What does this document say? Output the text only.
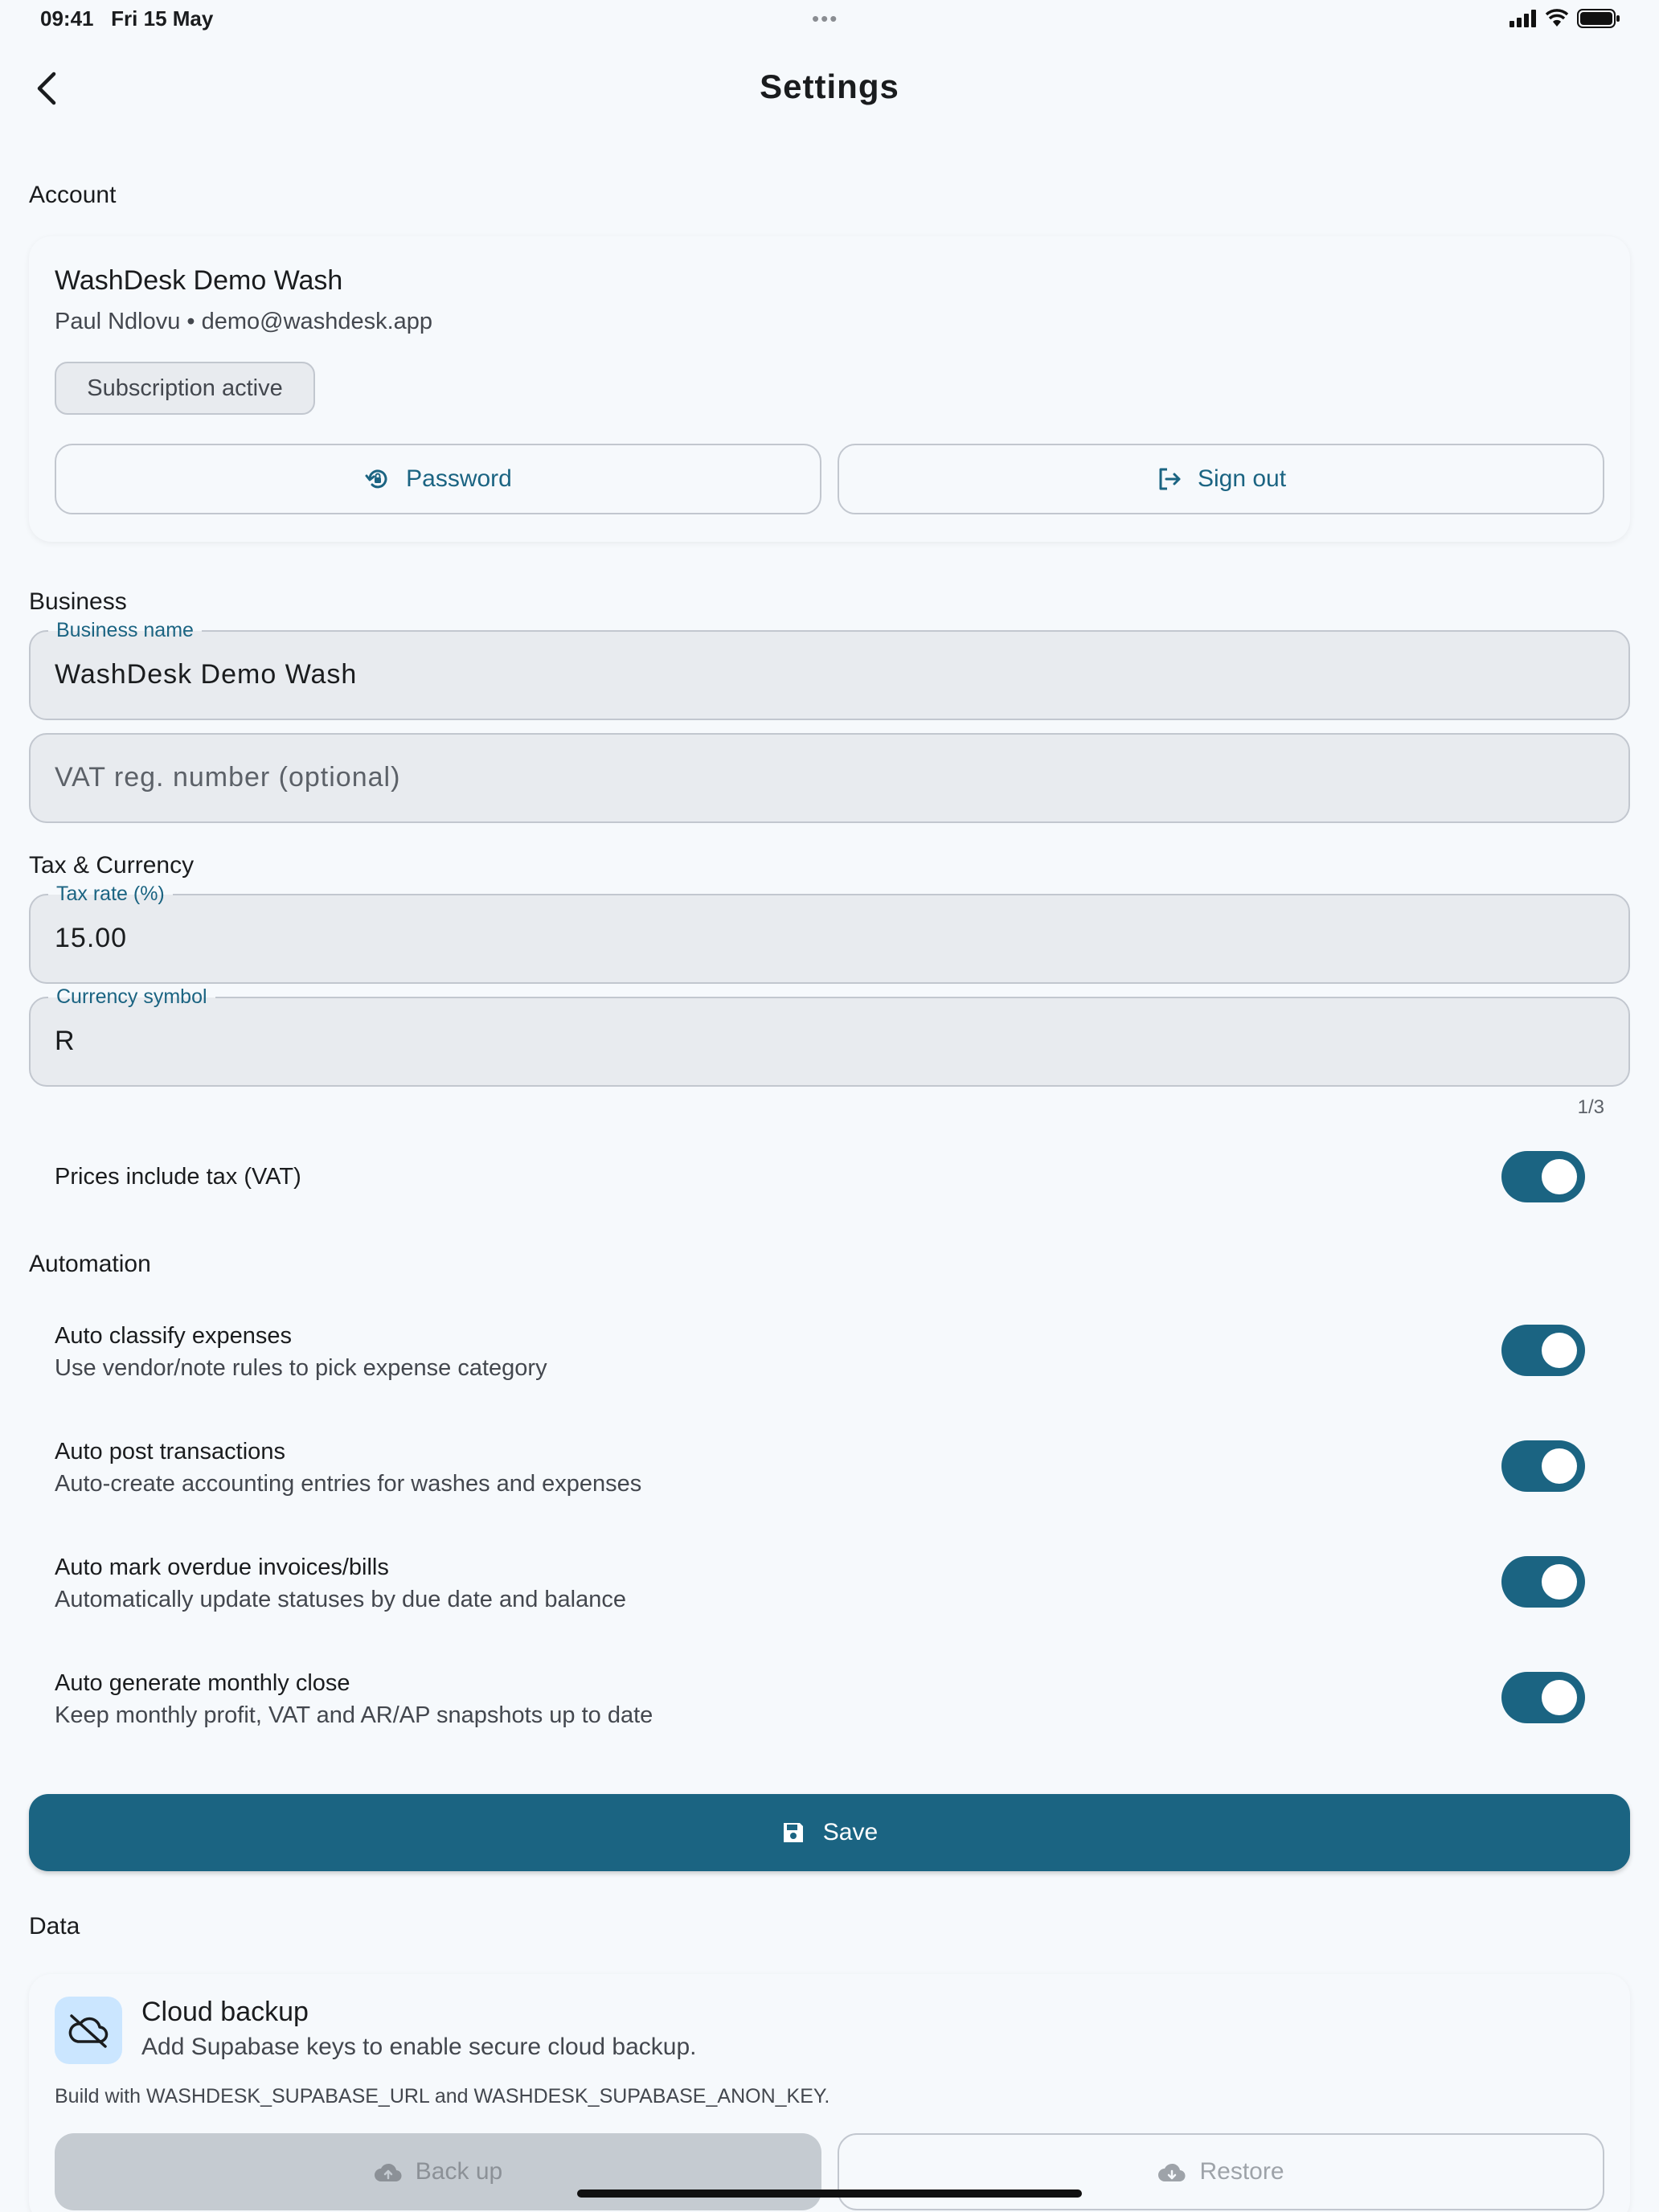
09:41 Fri 15 May	•••
Settings
Account
WashDesk Demo Wash
Paul Ndlovu • demo@washdesk.app
Subscription active
Password	Sign out
Business
Business name
WashDesk Demo Wash
VAT reg. number (optional)
Tax & Currency
Tax rate (%)
15.00
Currency symbol
R
1/3
Prices include tax (VAT)
Automation
Auto classify expenses
Use vendor/note rules to pick expense category
Auto post transactions
Auto-create accounting entries for washes and expenses
Auto mark overdue invoices/bills
Automatically update statuses by due date and balance
Auto generate monthly close
Keep monthly profit, VAT and AR/AP snapshots up to date
Save
Data
Cloud backup
Add Supabase keys to enable secure cloud backup.
Build with WASHDESK_SUPABASE_URL and WASHDESK_SUPABASE_ANON_KEY.
Back up	Restore
